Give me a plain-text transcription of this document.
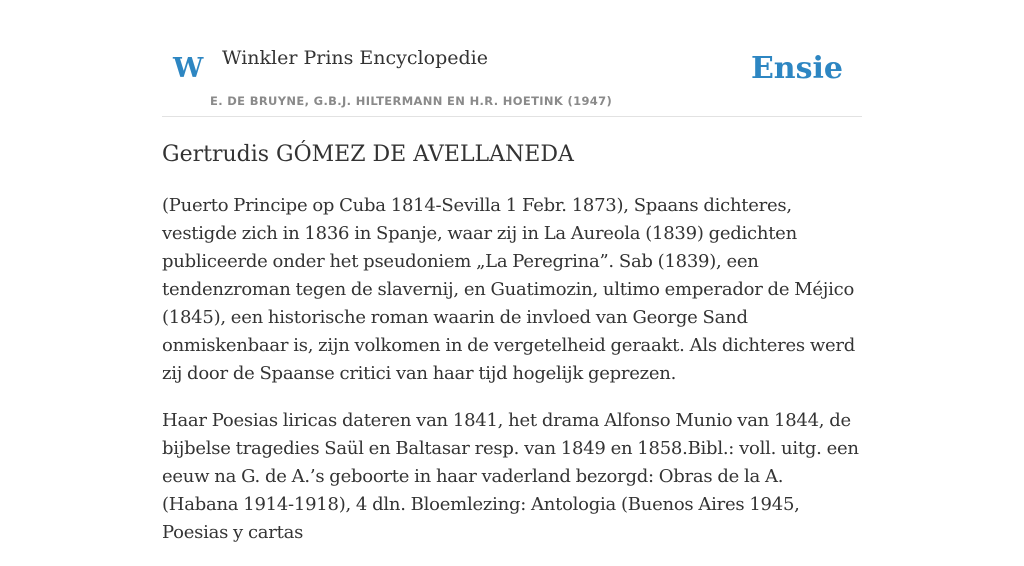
W Winkler Prins Encyclopedie
E. DE BRUYNE, G.B.J. HILTERMANN EN H.R. HOETINK (1947)
Ensie
Gertrudis GÓMEZ DE AVELLANEDA

(Puerto Principe op Cuba 1814-Sevilla 1 Febr. 1873), Spaans dichteres, vestigde zich in 1836 in Spanje, waar zij in La Aureola (1839) gedichten publiceerde onder het pseudoniem „La Peregrina”. Sab (1839), een tendenzroman tegen de slavernij, en Guatimozin, ultimo emperador de Méjico (1845), een historische roman waarin de invloed van George Sand onmiskenbaar is, zijn volkomen in de vergetelheid geraakt. Als dichteres werd zij door de Spaanse critici van haar tijd hogelijk geprezen.

Haar Poesias liricas dateren van 1841, het drama Alfonso Munio van 1844, de bijbelse tragedies Saül en Baltasar resp. van 1849 en 1858.Bibl.: voll. uitg. een eeuw na G. de A.’s geboorte in haar vaderland bezorgd: Obras de la A. (Habana 1914-1918), 4 dln. Bloemlezing: Antologia (Buenos Aires 1945, Poesias y cartas
